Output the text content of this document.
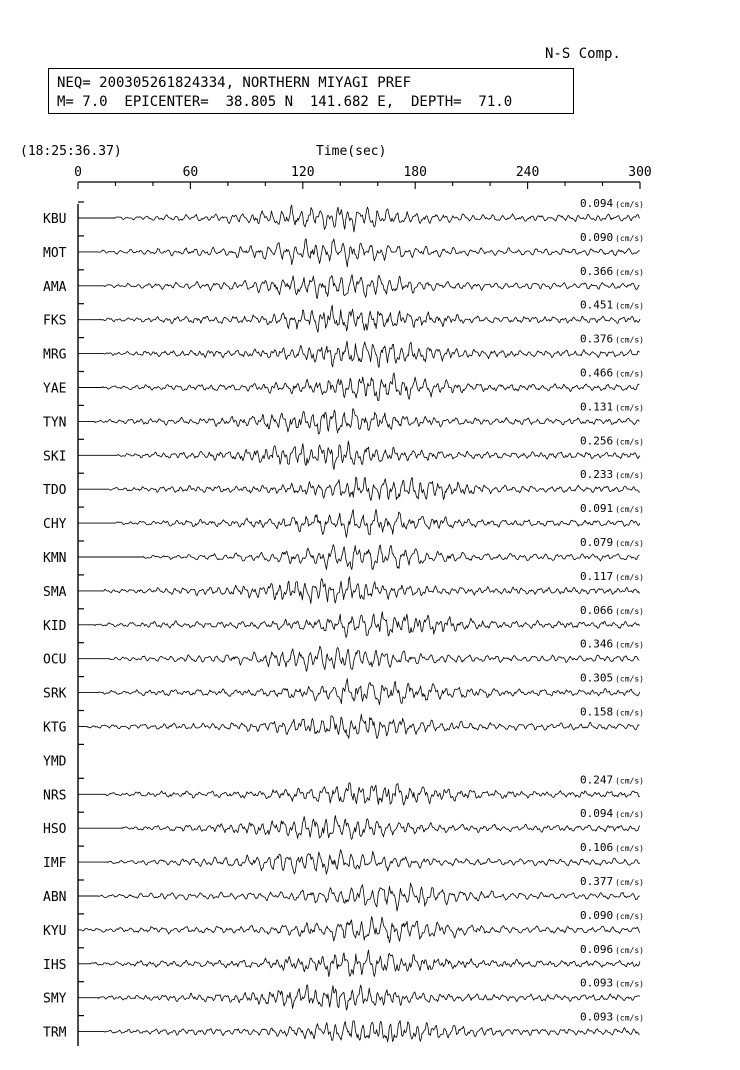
N-S Comp.
NEQ= 200305261824334, NORTHERN MIYAGI PREF
M= 7.0  EPICENTER=  38.805 N  141.682 E,  DEPTH=  71.0
(18:25:36.37)	Time(sec)
0	60	120	180	240	300
KBU
0.094 (cm/s)
MOT
0.090 (cm/s)
AMA
0.366 (cm/s)
FKS
0.451 (cm/s)
MRG
0.376 (cm/s)
YAE
0.466 (cm/s)
TYN
0.131 (cm/s)
SKI
0.256 (cm/s)
TDO
0.233 (cm/s)
CHY
0.091 (cm/s)
KMN
0.079 (cm/s)
SMA
0.117 (cm/s)
KID
0.066 (cm/s)
OCU
0.346 (cm/s)
SRK
0.305 (cm/s)
KTG
0.158 (cm/s)
YMD
NRS
0.247 (cm/s)
HSO
0.094 (cm/s)
IMF
0.106 (cm/s)
ABN
0.377 (cm/s)
KYU
0.090 (cm/s)
IHS
0.096 (cm/s)
SMY
0.093 (cm/s)
TRM
0.093 (cm/s)
